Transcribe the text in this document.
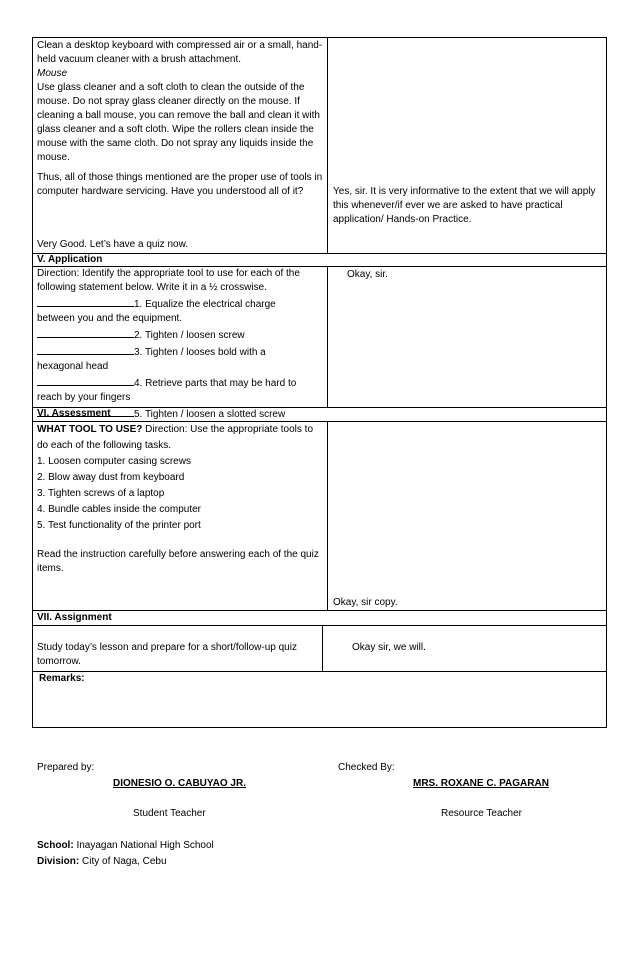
Clean a desktop keyboard with compressed air or a small, hand-held vacuum cleaner with a brush attachment.

Mouse

Use glass cleaner and a soft cloth to clean the outside of the mouse. Do not spray glass cleaner directly on the mouse. If cleaning a ball mouse, you can remove the ball and clean it with glass cleaner and a soft cloth. Wipe the rollers clean inside the mouse with the same cloth. Do not spray any liquids inside the mouse.

Thus, all of those things mentioned are the proper use of tools in computer hardware servicing. Have you understood all of it?	Yes, sir. It is very informative to the extent that we will apply this whenever/if ever we are asked to have practical application/ Hands-on Practice.
Very Good. Let’s have a quiz now.
V. Application

Direction: Identify the appropriate tool to use for each of the following statement below. Write it in a ½ crosswise.

1. Equalize the electrical charge

between you and the equipment.

2. Tighten / loosen screw

3. Tighten / looses bold with a

hexagonal head

4. Retrieve parts that may be hard to

reach by your fingers

5. Tighten / loosen a slotted screw

Okay, sir.
VI. Assessment

WHAT TOOL TO USE? Direction: Use the appropriate tools to do each of the following tasks.

1. Loosen computer casing screws

2. Blow away dust from keyboard

3. Tighten screws of a laptop

4. Bundle cables inside the computer

5. Test functionality of the printer port

Read the instruction carefully before answering each of the quiz items.
Okay, sir copy.
VII. Assignment
Study today’s lesson and prepare for a short/follow-up quiz tomorrow.
Okay sir, we will.
Remarks:
Prepared by:
DIONESIO O. CABUYAO JR.
Student Teacher
Checked By:
MRS. ROXANE C. PAGARAN
Resource Teacher
School: Inayagan National High School
Division: City of Naga, Cebu
